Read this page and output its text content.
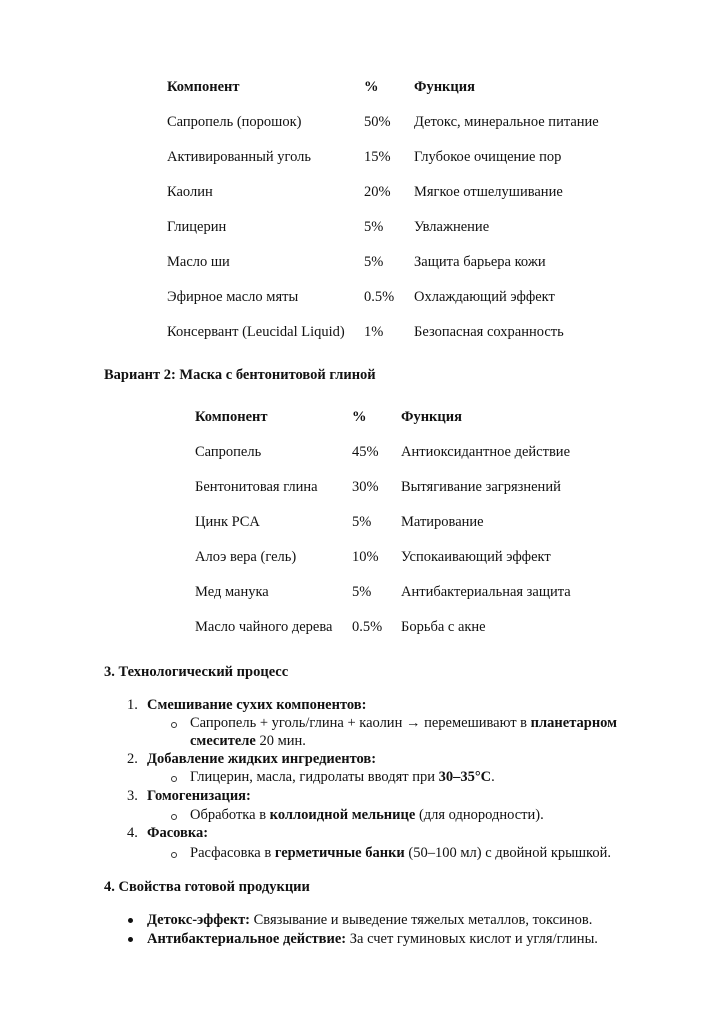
Компонент	% Функция
Сапропель (порошок)	50% Детокс, минеральное питание
Активированный уголь	15% Глубокое очищение пор
Каолин	20% Мягкое отшелушивание
Глицерин	5% Увлажнение
Масло ши	5% Защита барьера кожи
Эфирное масло мяты	0.5% Охлаждающий эффект
Консервант (Leucidal Liquid) 1% Безопасная сохранность
Вариант 2: Маска с бентонитовой глиной
Компонент	% Функция
Сапропель	45% Антиоксидантное действие
Бентонитовая глина 30% Вытягивание загрязнений
Цинк PCA	5% Матирование
Алоэ вера (гель)	10% Успокаивающий эффект
Мед манука	5% Антибактериальная защита
Масло чайного дерева 0.5% Борьба с акне
3. Технологический процесс
1. Смешивание сухих компонентов:
Сапропель + уголь/глина + каолин → перемешивают в планетарном
смесителе 20 мин.
2. Добавление жидких ингредиентов:
Глицерин, масла, гидролаты вводят при 30–35°C.
3. Гомогенизация:
Обработка в коллоидной мельнице (для однородности).
4. Фасовка:
Расфасовка в герметичные банки (50–100 мл) с двойной крышкой.
4. Свойства готовой продукции
Детокс-эффект: Связывание и выведение тяжелых металлов, токсинов.
Антибактериальное действие: За счет гуминовых кислот и угля/глины.
